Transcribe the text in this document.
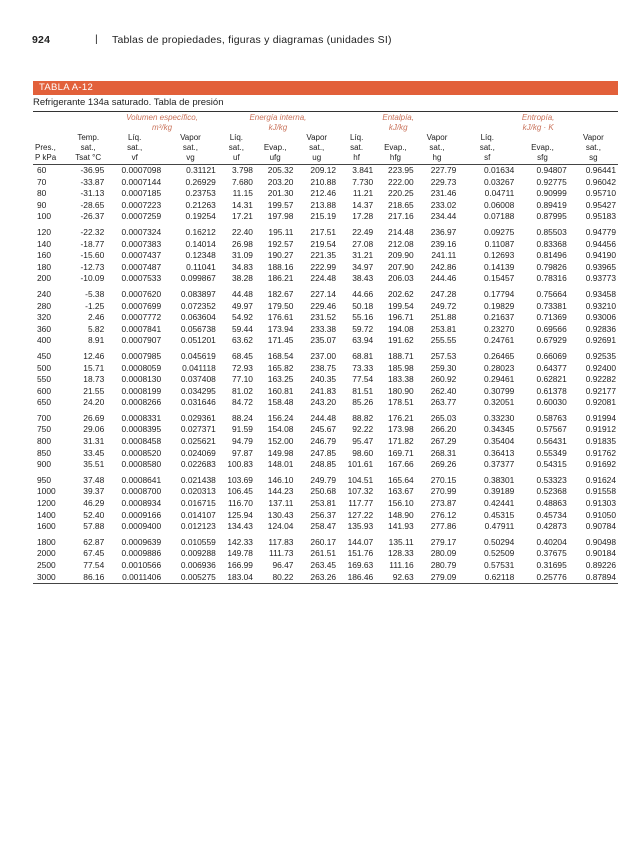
924	| Tablas de propiedades, figuras y diagramas (unidades SI)
TABLA A-12
Refrigerante 134a saturado. Tabla de presión
		Volumen específico,		Energía interna,			Entalpía,			Entropía,		
		m³/kg		kJ/kg			kJ/kg			kJ/kg · K		
	Temp.	Líq.	Vapor	Líq.		Vapor	Líq.		Vapor	Líq.		Vapor
Pres.,	sat.,	sat.,	sat.,	sat.,	Evap.,	sat.,	sat.	Evap.,	sat.,	sat.,	Evap.,	sat.,
P kPa	Tsat °C	vf	vg	uf	ufg	ug	hf	hfg	hg	sf	sfg	sg
60	-36.95	0.0007098	0.31121	3.798	205.32	209.12	3.841	223.95	227.79	0.01634	0.94807	0.96441
70	-33.87	0.0007144	0.26929	7.680	203.20	210.88	7.730	222.00	229.73	0.03267	0.92775	0.96042
80	-31.13	0.0007185	0.23753	11.15	201.30	212.46	11.21	220.25	231.46	0.04711	0.90999	0.95710
90	-28.65	0.0007223	0.21263	14.31	199.57	213.88	14.37	218.65	233.02	0.06008	0.89419	0.95427
100	-26.37	0.0007259	0.19254	17.21	197.98	215.19	17.28	217.16	234.44	0.07188	0.87995	0.95183
120	-22.32	0.0007324	0.16212	22.40	195.11	217.51	22.49	214.48	236.97	0.09275	0.85503	0.94779
140	-18.77	0.0007383	0.14014	26.98	192.57	219.54	27.08	212.08	239.16	0.11087	0.83368	0.94456
160	-15.60	0.0007437	0.12348	31.09	190.27	221.35	31.21	209.90	241.11	0.12693	0.81496	0.94190
180	-12.73	0.0007487	0.11041	34.83	188.16	222.99	34.97	207.90	242.86	0.14139	0.79826	0.93965
200	-10.09	0.0007533	0.099867	38.28	186.21	224.48	38.43	206.03	244.46	0.15457	0.78316	0.93773
240	-5.38	0.0007620	0.083897	44.48	182.67	227.14	44.66	202.62	247.28	0.17794	0.75664	0.93458
280	-1.25	0.0007699	0.072352	49.97	179.50	229.46	50.18	199.54	249.72	0.19829	0.73381	0.93210
320	2.46	0.0007772	0.063604	54.92	176.61	231.52	55.16	196.71	251.88	0.21637	0.71369	0.93006
360	5.82	0.0007841	0.056738	59.44	173.94	233.38	59.72	194.08	253.81	0.23270	0.69566	0.92836
400	8.91	0.0007907	0.051201	63.62	171.45	235.07	63.94	191.62	255.55	0.24761	0.67929	0.92691
450	12.46	0.0007985	0.045619	68.45	168.54	237.00	68.81	188.71	257.53	0.26465	0.66069	0.92535
500	15.71	0.0008059	0.041118	72.93	165.82	238.75	73.33	185.98	259.30	0.28023	0.64377	0.92400
550	18.73	0.0008130	0.037408	77.10	163.25	240.35	77.54	183.38	260.92	0.29461	0.62821	0.92282
600	21.55	0.0008199	0.034295	81.02	160.81	241.83	81.51	180.90	262.40	0.30799	0.61378	0.92177
650	24.20	0.0008266	0.031646	84.72	158.48	243.20	85.26	178.51	263.77	0.32051	0.60030	0.92081
700	26.69	0.0008331	0.029361	88.24	156.24	244.48	88.82	176.21	265.03	0.33230	0.58763	0.91994
750	29.06	0.0008395	0.027371	91.59	154.08	245.67	92.22	173.98	266.20	0.34345	0.57567	0.91912
800	31.31	0.0008458	0.025621	94.79	152.00	246.79	95.47	171.82	267.29	0.35404	0.56431	0.91835
850	33.45	0.0008520	0.024069	97.87	149.98	247.85	98.60	169.71	268.31	0.36413	0.55349	0.91762
900	35.51	0.0008580	0.022683	100.83	148.01	248.85	101.61	167.66	269.26	0.37377	0.54315	0.91692
950	37.48	0.0008641	0.021438	103.69	146.10	249.79	104.51	165.64	270.15	0.38301	0.53323	0.91624
1000	39.37	0.0008700	0.020313	106.45	144.23	250.68	107.32	163.67	270.99	0.39189	0.52368	0.91558
1200	46.29	0.0008934	0.016715	116.70	137.11	253.81	117.77	156.10	273.87	0.42441	0.48863	0.91303
1400	52.40	0.0009166	0.014107	125.94	130.43	256.37	127.22	148.90	276.12	0.45315	0.45734	0.91050
1600	57.88	0.0009400	0.012123	134.43	124.04	258.47	135.93	141.93	277.86	0.47911	0.42873	0.90784
1800	62.87	0.0009639	0.010559	142.33	117.83	260.17	144.07	135.11	279.17	0.50294	0.40204	0.90498
2000	67.45	0.0009886	0.009288	149.78	111.73	261.51	151.76	128.33	280.09	0.52509	0.37675	0.90184
2500	77.54	0.0010566	0.006936	166.99	96.47	263.45	169.63	111.16	280.79	0.57531	0.31695	0.89226
3000	86.16	0.0011406	0.005275	183.04	80.22	263.26	186.46	92.63	279.09	0.62118	0.25776	0.87894
